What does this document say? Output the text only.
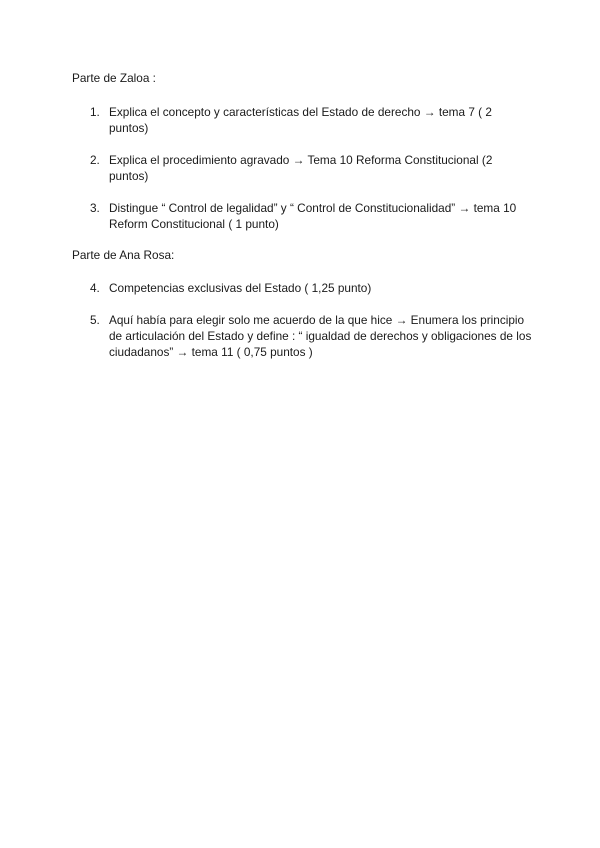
Parte de Zaloa :

1. Explica el concepto y características del Estado de derecho → tema 7 ( 2 puntos)
2. Explica el procedimiento agravado → Tema 10 Reforma Constitucional (2 puntos)
3. Distingue “ Control de legalidad” y “ Control de Constitucionalidad” → tema 10 Reform Constitucional ( 1 punto)

Parte de Ana Rosa:

4. Competencias exclusivas del Estado ( 1,25 punto)
5. Aquí había para elegir solo me acuerdo de la que hice → Enumera los principio de articulación del Estado y define : “ igualdad de derechos y obligaciones de los ciudadanos” → tema 11 ( 0,75 puntos )
